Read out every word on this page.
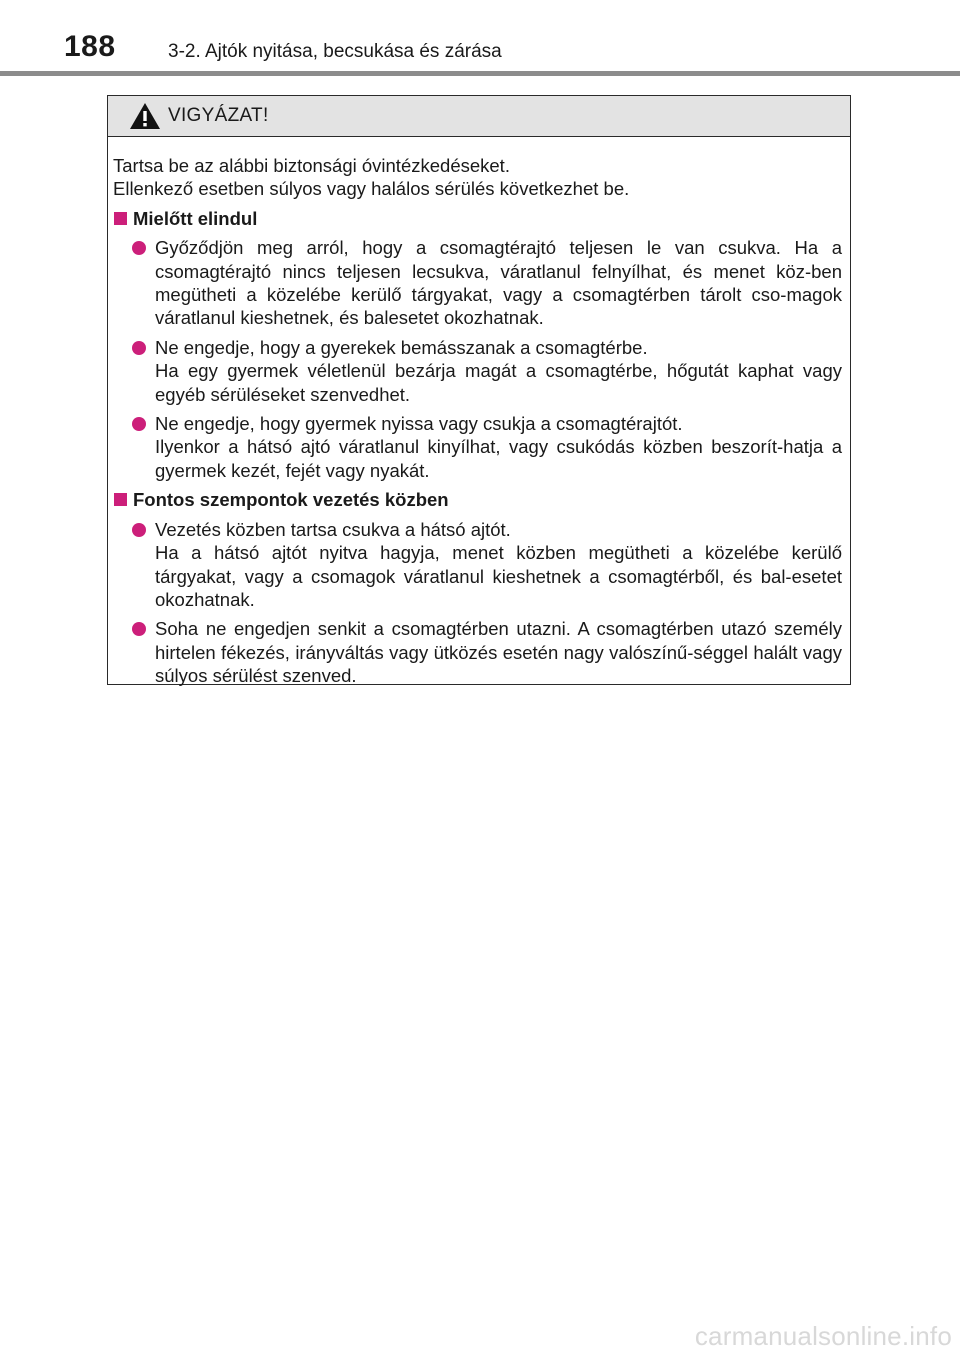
188	3-2. Ajtók nyitása, becsukása és zárása
VIGYÁZAT!

Tartsa be az alábbi biztonsági óvintézkedéseket.

Ellenkező esetben súlyos vagy halálos sérülés következhet be.

Mielőtt elindul

Győződjön meg arról, hogy a csomagtérajtó teljesen le van csukva. Ha a csomagtérajtó nincs teljesen lecsukva, váratlanul felnyílhat, és menet köz-ben megütheti a közelébe kerülő tárgyakat, vagy a csomagtérben tárolt cso-magok váratlanul kieshetnek, és balesetet okozhatnak.

Ne engedje, hogy a gyerekek bemásszanak a csomagtérbe.

Ha egy gyermek véletlenül bezárja magát a csomagtérbe, hőgutát kaphat vagy egyéb sérüléseket szenvedhet.

Ne engedje, hogy gyermek nyissa vagy csukja a csomagtérajtót.

Ilyenkor a hátsó ajtó váratlanul kinyílhat, vagy csukódás közben beszorít-hatja a gyermek kezét, fejét vagy nyakát.

Fontos szempontok vezetés közben

Vezetés közben tartsa csukva a hátsó ajtót.

Ha a hátsó ajtót nyitva hagyja, menet közben megütheti a közelébe kerülő tárgyakat, vagy a csomagok váratlanul kieshetnek a csomagtérből, és bal-esetet okozhatnak.

Soha ne engedjen senkit a csomagtérben utazni. A csomagtérben utazó személy hirtelen fékezés, irányváltás vagy ütközés esetén nagy valószínű-séggel halált vagy súlyos sérülést szenved.

carmanualsonline.info
